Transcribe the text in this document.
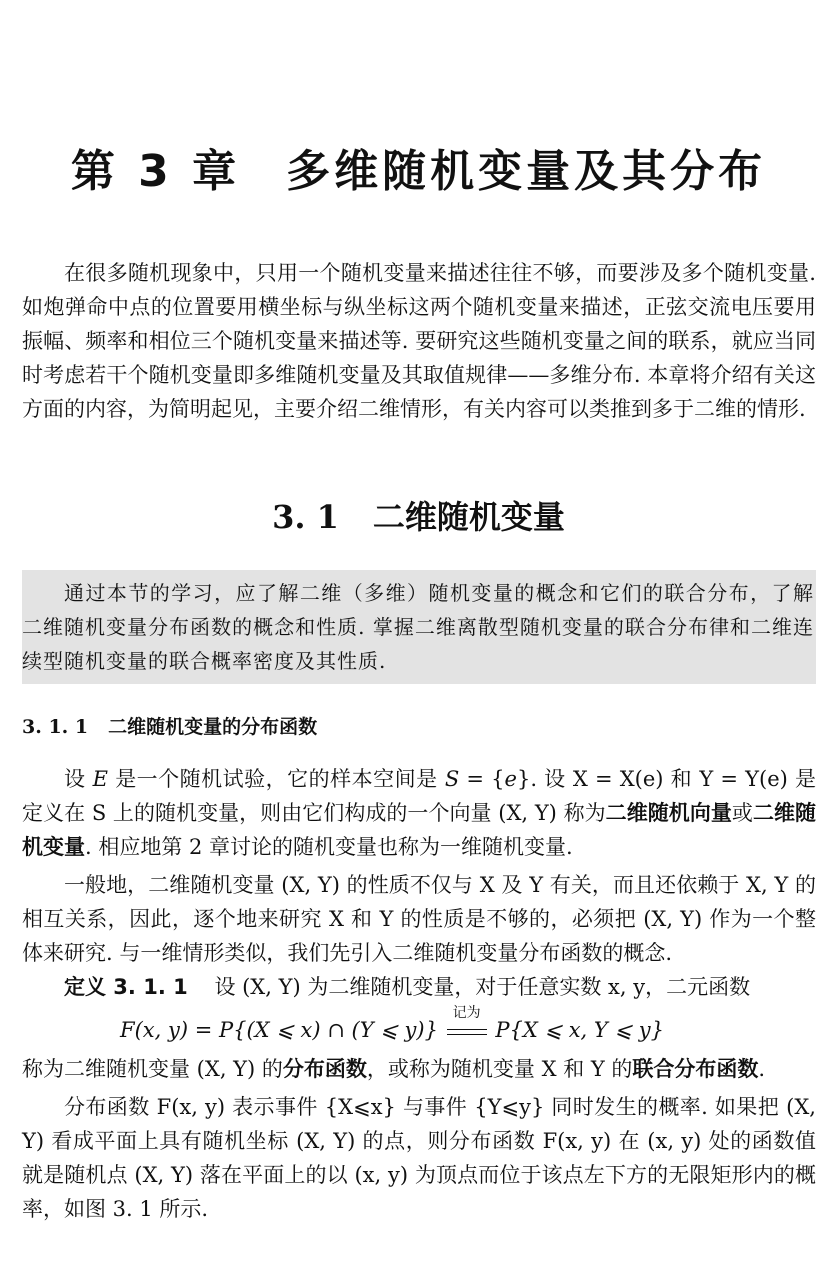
第 3 章 多维随机变量及其分布
在很多随机现象中，只用一个随机变量来描述往往不够，而要涉及多个随机变量. 如炮弹命中点的位置要用横坐标与纵坐标这两个随机变量来描述，正弦交流电压要用振幅、频率和相位三个随机变量来描述等. 要研究这些随机变量之间的联系，就应当同时考虑若干个随机变量即多维随机变量及其取值规律——多维分布. 本章将介绍有关这方面的内容，为简明起见，主要介绍二维情形，有关内容可以类推到多于二维的情形.
3. 1 二维随机变量
通过本节的学习，应了解二维（多维）随机变量的概念和它们的联合分布，了解二维随机变量分布函数的概念和性质. 掌握二维离散型随机变量的联合分布律和二维连续型随机变量的联合概率密度及其性质.
3. 1. 1 二维随机变量的分布函数
设 E 是一个随机试验，它的样本空间是 S = {e}. 设 X = X(e) 和 Y = Y(e) 是定义在 S 上的随机变量，则由它们构成的一个向量 (X, Y) 称为二维随机向量或二维随机变量. 相应地第 2 章讨论的随机变量也称为一维随机变量.
一般地，二维随机变量 (X, Y) 的性质不仅与 X 及 Y 有关，而且还依赖于 X, Y 的相互关系，因此，逐个地来研究 X 和 Y 的性质是不够的，必须把 (X, Y) 作为一个整体来研究. 与一维情形类似，我们先引入二维随机变量分布函数的概念.
定义 3. 1. 1 设 (X, Y) 为二维随机变量，对于任意实数 x, y，二元函数
F(x, y) = P{(X ⩽ x) ∩ (Y ⩽ y)}
记为
P{X ⩽ x, Y ⩽ y}
称为二维随机变量 (X, Y) 的分布函数，或称为随机变量 X 和 Y 的联合分布函数.
分布函数 F(x, y) 表示事件 {X⩽x} 与事件 {Y⩽y} 同时发生的概率. 如果把 (X, Y) 看成平面上具有随机坐标 (X, Y) 的点，则分布函数 F(x, y) 在 (x, y) 处的函数值就是随机点 (X, Y) 落在平面上的以 (x, y) 为顶点而位于该点左下方的无限矩形内的概率，如图 3. 1 所示.
